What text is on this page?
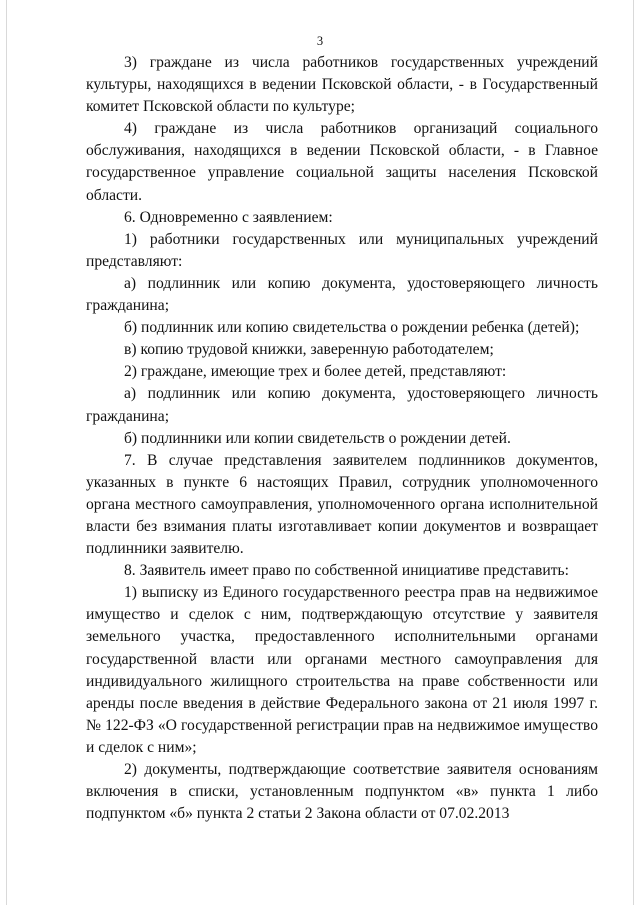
3

3) граждане из числа работников государственных учреждений культуры, находящихся в ведении Псковской области, - в Государственный комитет Псковской области по культуре;

4) граждане из числа работников организаций социального обслуживания, находящихся в ведении Псковской области, - в Главное государственное управление социальной защиты населения Псковской области.

6. Одновременно с заявлением:

1) работники государственных или муниципальных учреждений представляют:

а) подлинник или копию документа, удостоверяющего личность гражданина;

б) подлинник или копию свидетельства о рождении ребенка (детей);

в) копию трудовой книжки, заверенную работодателем;

2) граждане, имеющие трех и более детей, представляют:

а) подлинник или копию документа, удостоверяющего личность гражданина;

б) подлинники или копии свидетельств о рождении детей.

7. В случае представления заявителем подлинников документов, указанных в пункте 6 настоящих Правил, сотрудник уполномоченного органа местного самоуправления, уполномоченного органа исполнительной власти без взимания платы изготавливает копии документов и возвращает подлинники заявителю.

8. Заявитель имеет право по собственной инициативе представить:

1) выписку из Единого государственного реестра прав на недвижимое имущество и сделок с ним, подтверждающую отсутствие у заявителя земельного участка, предоставленного исполнительными органами государственной власти или органами местного самоуправления для индивидуального жилищного строительства на праве собственности или аренды после введения в действие Федерального закона от 21 июля 1997 г. № 122-ФЗ «О государственной регистрации прав на недвижимое имущество и сделок с ним»;

2) документы, подтверждающие соответствие заявителя основаниям включения в списки, установленным подпунктом «в» пункта 1 либо подпунктом «б» пункта 2 статьи 2 Закона области от 07.02.2013
